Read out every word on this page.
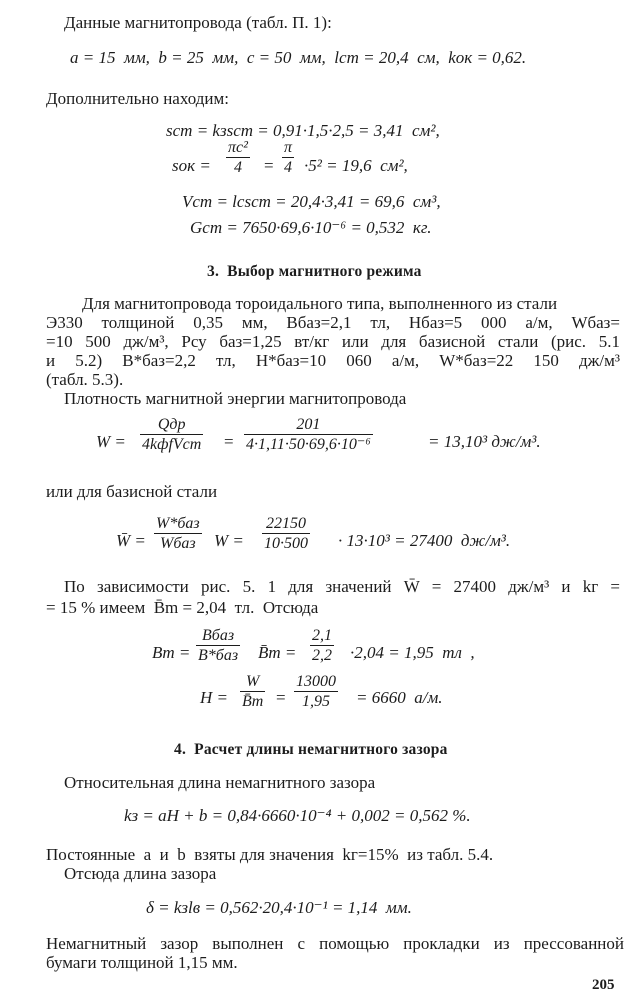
Данные магнитопровода (табл. П. 1):
a = 15  мм,  b = 25  мм,  c = 50  мм,  lст = 20,4  см,  kок = 0,62.
Дополнительно находим:
sст = kзsст = 0,91·1,5·2,5 = 3,41  см²,
sок = $\frac{\text{πc²}}{4} = \frac{\pi}{4} \cdot 5^2 = 19,6$  см²,
Vст = lсsст = 20,4·3,41 = 69,6  см³,
Gст = 7650·69,6·10⁻⁶ = 0,532  кг.
3.  Выбор магнитного режима
Для магнитопровода тороидального типа, выполненного из стали
Э330 толщиной 0,35 мм, Bбаз=2,1 тл, Hбаз=5 000 а/м, Wбаз=
=10 500 дж/м³, Pсу баз=1,25 вт/кг или для базисной стали (рис. 5.1
и 5.2) B*баз=2,2 тл, H*баз=10 060 а/м, W*баз=22 150 дж/м³
(табл. 5.3).
Плотность магнитной энергии магнитопровода
W =
Qдр
4kфfVст = $\frac{201}{\text{4·1,11·50·69,6·10⁻⁶}}$	= 13,10³ дж/м³.
или для базисной стали
W̄ =
W*баз
Wбаз	$W = \frac{22150}{10\cdot 500} \cdot 13\cdot 10^3 = 27400$  дж/м³.
По зависимости рис. 5. 1 для значений W̄ = 27400 дж/м³ и kг =
= 15 % имеем  B̄m = 2,04  тл.  Отсюда
Bm =
Bбаз
B*баз B̄m = $\frac{2,1}{2,2} \cdot 2,04 = 1,95$  тл  ,
$H = \frac{W}{B̄m} = \frac{13000}{1,95} = 6660$  а/м.
4.  Расчет длины немагнитного зазора
Относительная длина немагнитного зазора
kз = aH + b = 0,84·6660·10⁻⁴ + 0,002 = 0,562 %.
Постоянные  a  и  b  взяты для значения  kг=15%  из табл. 5.4.
Отсюда длина зазора
δ = kзlв = 0,562·20,4·10⁻¹ = 1,14  мм.
Немагнитный зазор выполнен с помощью прокладки из прессованной
бумаги толщиной 1,15 мм.
205
